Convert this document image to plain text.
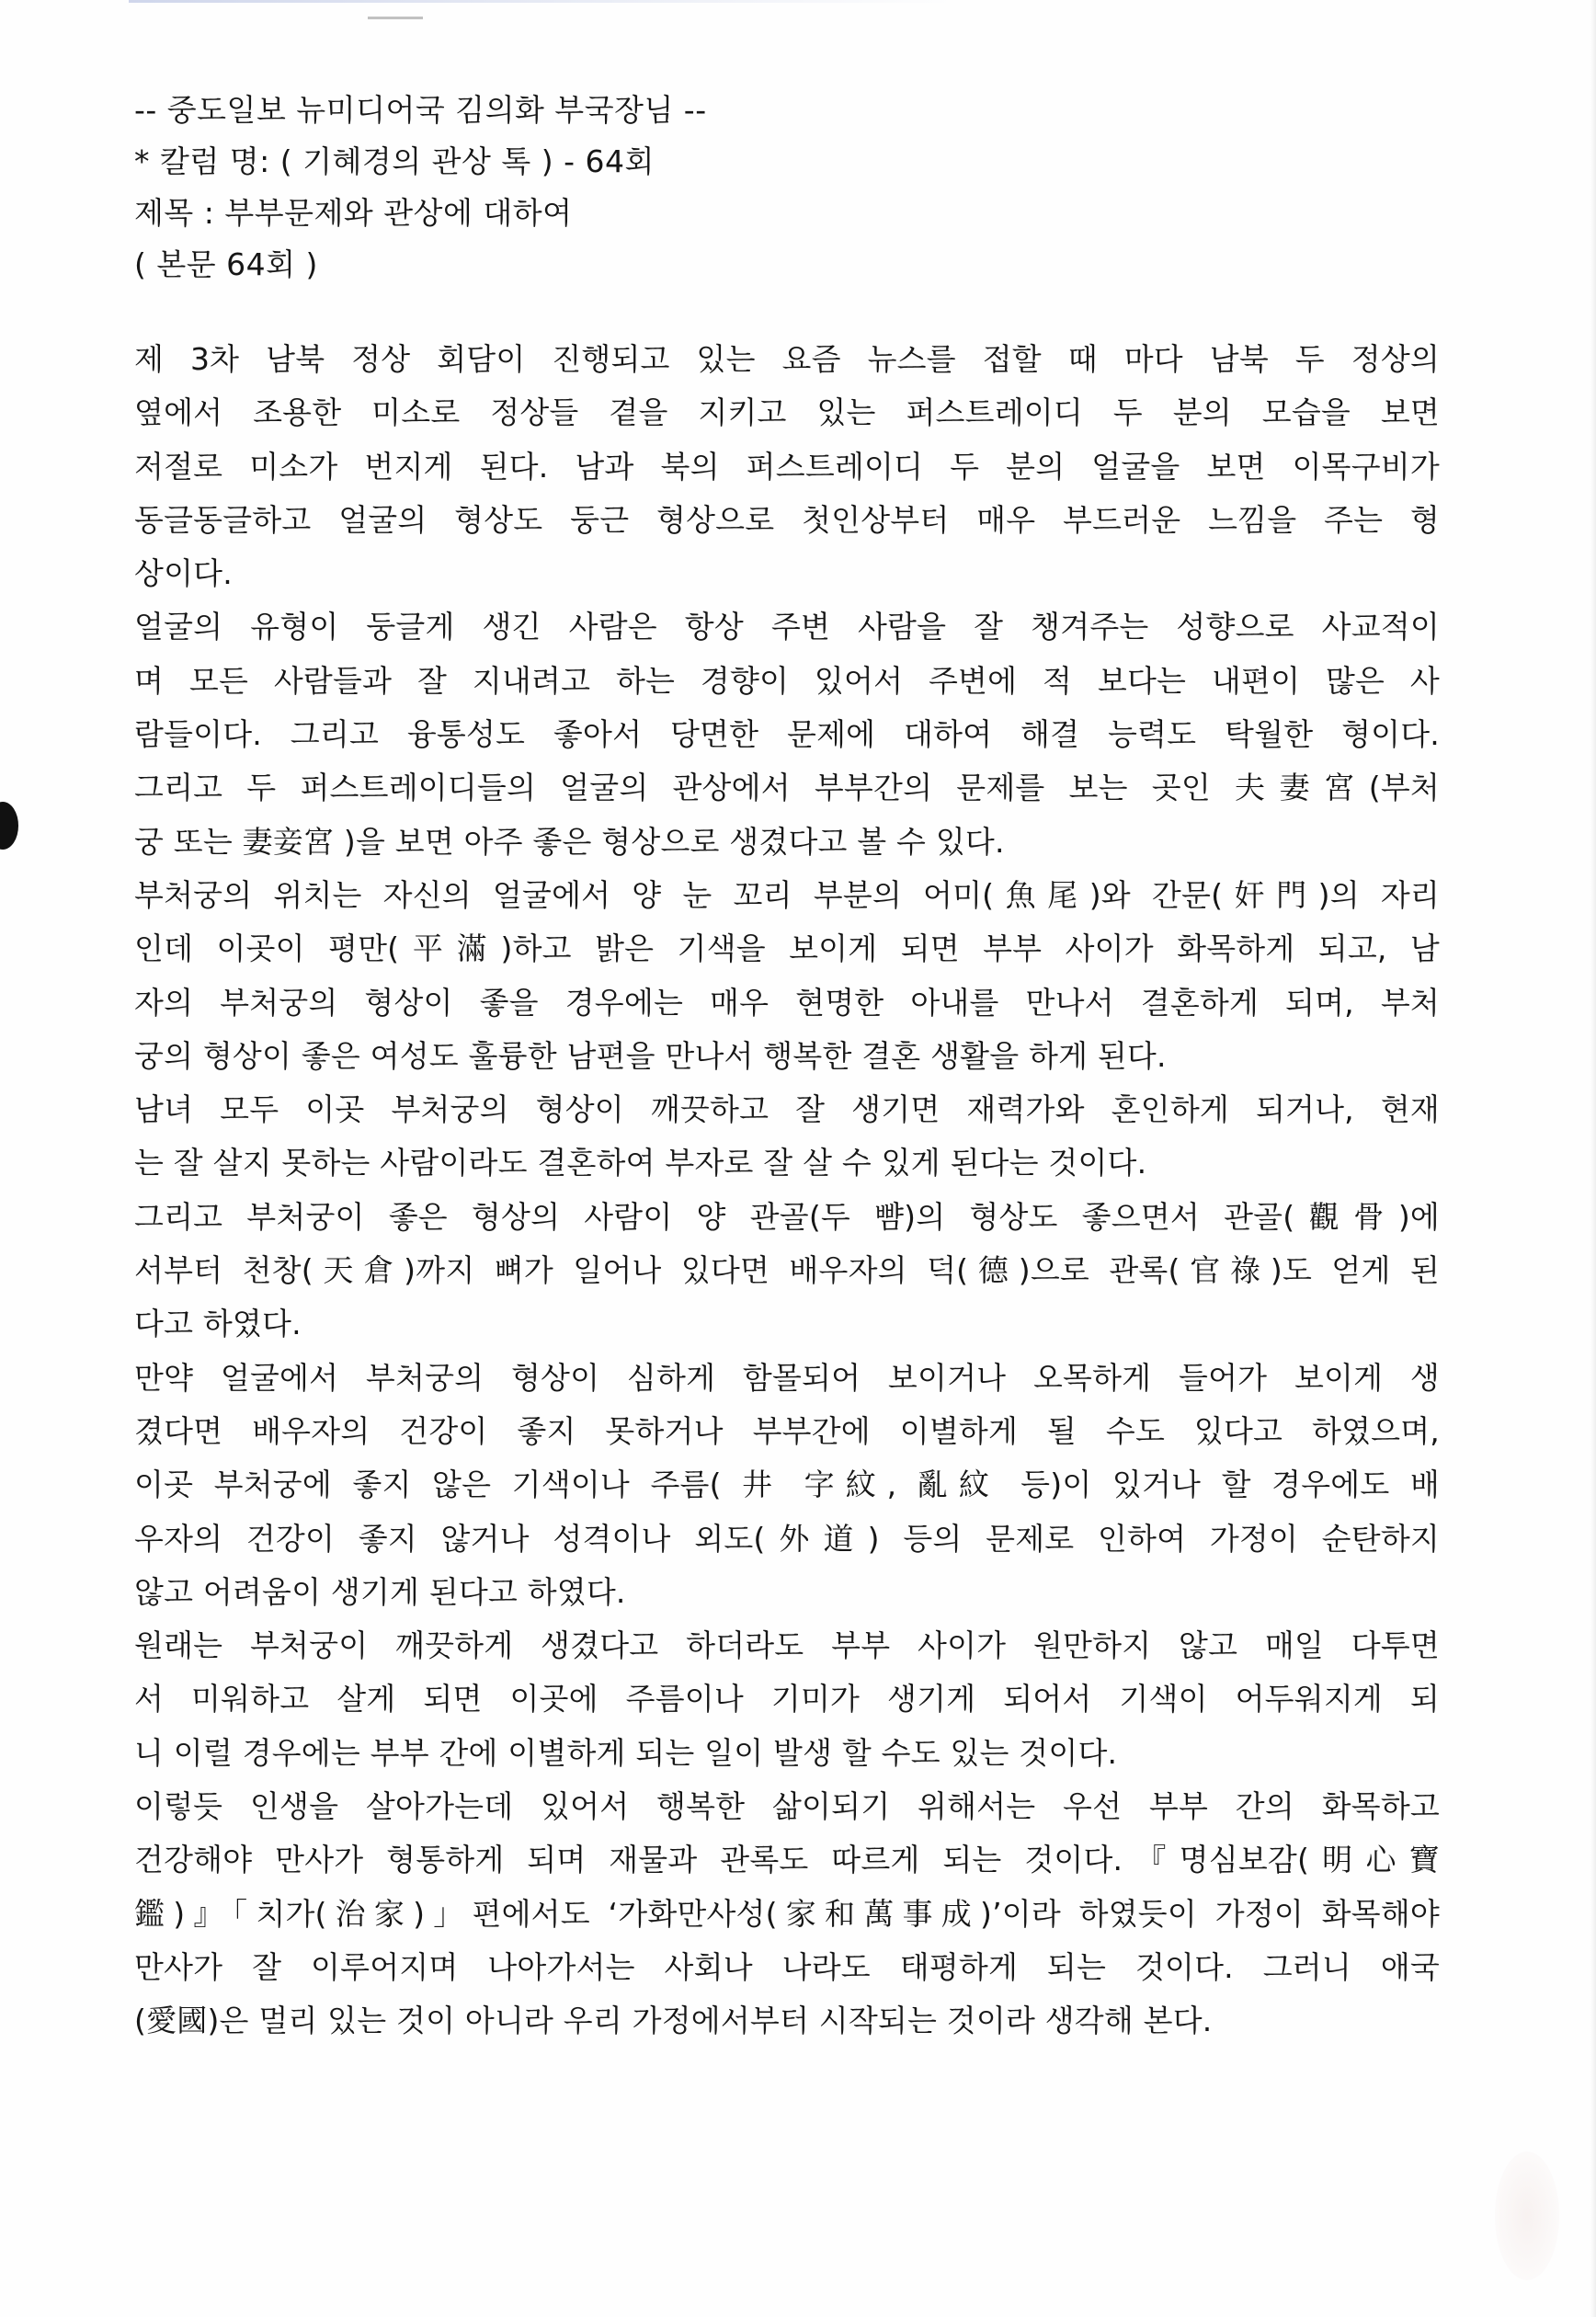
-- 중도일보 뉴미디어국 김의화 부국장님 --
* 칼럼 명: ( 기혜경의 관상 톡 ) - 64회
제목 : 부부문제와 관상에 대하여
( 본문 64회 )
제 3차 남북 정상 회담이 진행되고 있는 요즘 뉴스를 접할 때 마다 남북 두 정상의
옆에서 조용한 미소로 정상들 곁을 지키고 있는 퍼스트레이디 두 분의 모습을 보면
저절로 미소가 번지게 된다. 남과 북의 퍼스트레이디 두 분의 얼굴을 보면 이목구비가
동글동글하고 얼굴의 형상도 둥근 형상으로 첫인상부터 매우 부드러운 느낌을 주는 형
상이다.
얼굴의 유형이 둥글게 생긴 사람은 항상 주변 사람을 잘 챙겨주는 성향으로 사교적이
며 모든 사람들과 잘 지내려고 하는 경향이 있어서 주변에 적 보다는 내편이 많은 사
람들이다. 그리고 융통성도 좋아서 당면한 문제에 대하여 해결 능력도 탁월한 형이다.
그리고 두 퍼스트레이디들의 얼굴의 관상에서 부부간의 문제를 보는 곳인 夫妻宮(부처
궁 또는 妻妾宮 )을 보면 아주 좋은 형상으로 생겼다고 볼 수 있다.
부처궁의 위치는 자신의 얼굴에서 양 눈 꼬리 부분의 어미(魚尾)와 간문(奸門)의 자리
인데 이곳이 평만(平滿)하고 밝은 기색을 보이게 되면 부부 사이가 화목하게 되고, 남
자의 부처궁의 형상이 좋을 경우에는 매우 현명한 아내를 만나서 결혼하게 되며, 부처
궁의 형상이 좋은 여성도 훌륭한 남편을 만나서 행복한 결혼 생활을 하게 된다.
남녀 모두 이곳 부처궁의 형상이 깨끗하고 잘 생기면 재력가와 혼인하게 되거나, 현재
는 잘 살지 못하는 사람이라도 결혼하여 부자로 잘 살 수 있게 된다는 것이다.
그리고 부처궁이 좋은 형상의 사람이 양 관골(두 뺨)의 형상도 좋으면서 관골(觀骨)에
서부터 천창(天倉)까지 뼈가 일어나 있다면 배우자의 덕(德)으로 관록(官祿)도 얻게 된
다고 하였다.
만약 얼굴에서 부처궁의 형상이 심하게 함몰되어 보이거나 오목하게 들어가 보이게 생
겼다면 배우자의 건강이 좋지 못하거나 부부간에 이별하게 될 수도 있다고 하였으며,
이곳 부처궁에 좋지 않은 기색이나 주름( 井 字紋, 亂紋 등)이 있거나 할 경우에도 배
우자의 건강이 좋지 않거나 성격이나 외도(外道) 등의 문제로 인하여 가정이 순탄하지
않고 어려움이 생기게 된다고 하였다.
원래는 부처궁이 깨끗하게 생겼다고 하더라도 부부 사이가 원만하지 않고 매일 다투면
서 미워하고 살게 되면 이곳에 주름이나 기미가 생기게 되어서 기색이 어두워지게 되
니 이럴 경우에는 부부 간에 이별하게 되는 일이 발생 할 수도 있는 것이다.
이렇듯 인생을 살아가는데 있어서 행복한 삶이되기 위해서는 우선 부부 간의 화목하고
건강해야 만사가 형통하게 되며 재물과 관록도 따르게 되는 것이다.『명심보감(明心寶
鑑)』「치가(治家)」편에서도 ‘가화만사성(家和萬事成)’이라 하였듯이 가정이 화목해야
만사가 잘 이루어지며 나아가서는 사회나 나라도 태평하게 되는 것이다. 그러니 애국
(愛國)은 멀리 있는 것이 아니라 우리 가정에서부터 시작되는 것이라 생각해 본다.
